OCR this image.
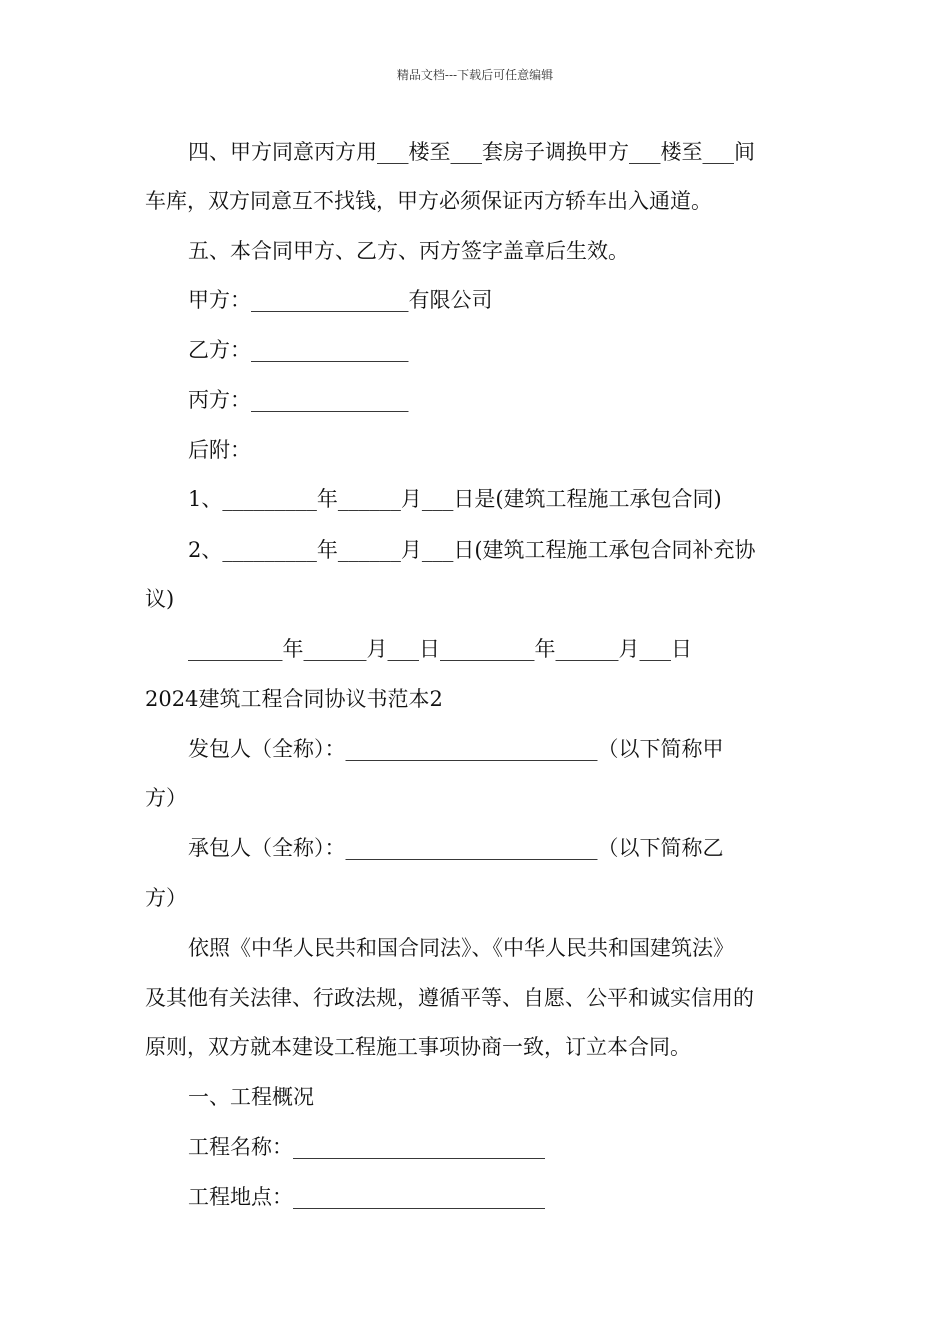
精品文档---下载后可任意编辑
四、甲方同意丙方用___楼至___套房子调换甲方___楼至___间
车库，双方同意互不找钱，甲方必须保证丙方轿车出入通道。
五、本合同甲方、乙方、丙方签字盖章后生效。
甲方：_______________有限公司
乙方：_______________
丙方：_______________
后附：
1、_________年______月___日是(建筑工程施工承包合同)
2、_________年______月___日(建筑工程施工承包合同补充协
议)
_________年______月___日_________年______月___日
2024建筑工程合同协议书范本2
发包人（全称）：________________________（以下简称甲
方）
承包人（全称）：________________________（以下简称乙
方）
依照《中华人民共和国合同法》、《中华人民共和国建筑法》
及其他有关法律、行政法规，遵循平等、自愿、公平和诚实信用的
原则，双方就本建设工程施工事项协商一致，订立本合同。
一、工程概况
工程名称：________________________
工程地点：________________________
